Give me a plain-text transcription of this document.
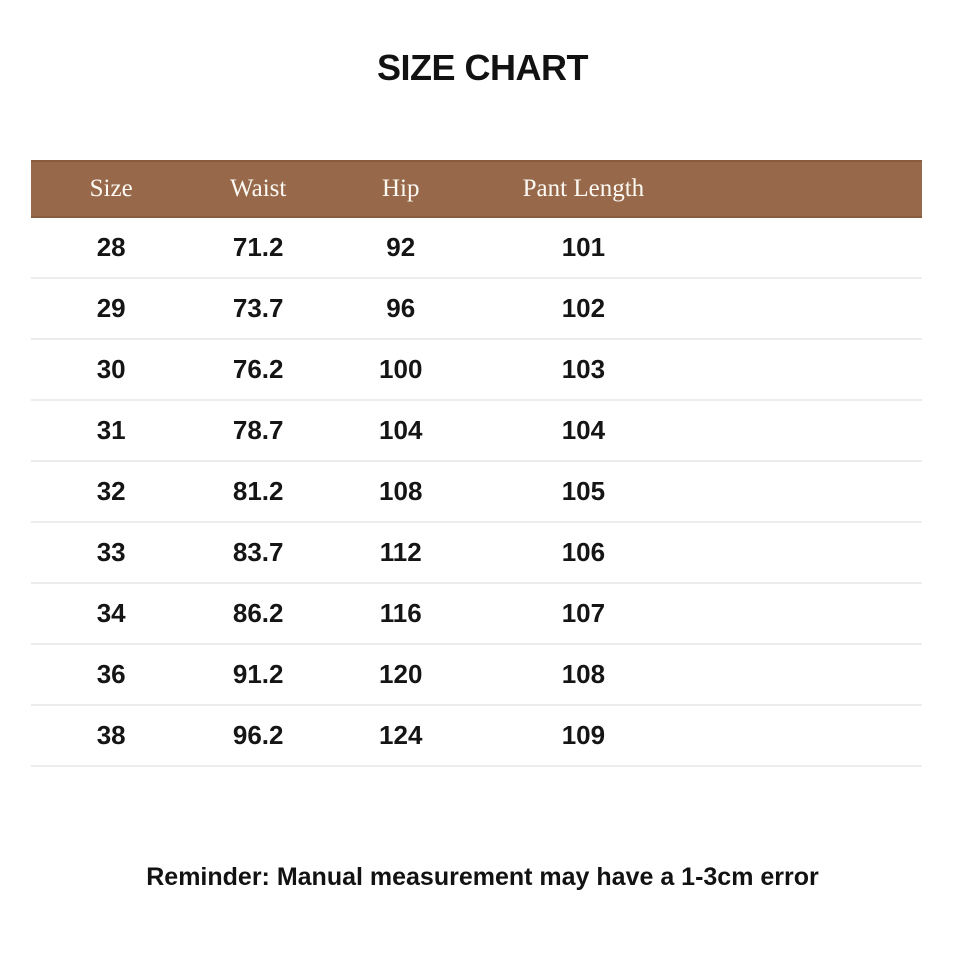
SIZE CHART
Size	Waist	Hip	Pant Length	
28	71.2	92	101	
29	73.7	96	102	
30	76.2	100	103	
31	78.7	104	104	
32	81.2	108	105	
33	83.7	112	106	
34	86.2	116	107	
36	91.2	120	108	
38	96.2	124	109	
Reminder: Manual measurement may have a 1-3cm error
